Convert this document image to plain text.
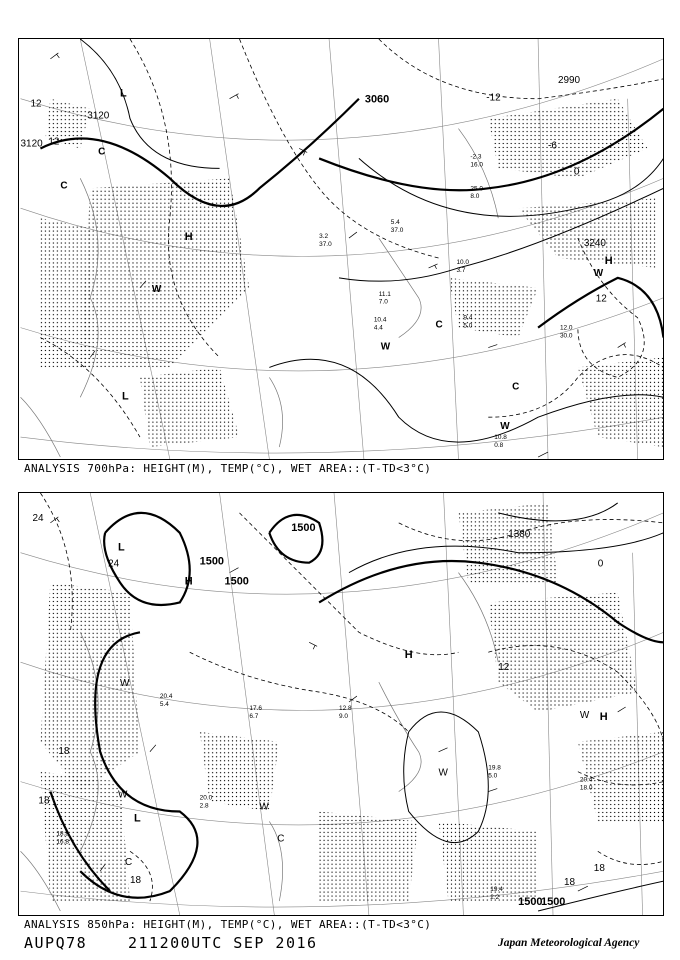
3120
3120
3060
2990
3240
12
12
-12
0
12
-6
L
L
H
H
W
W
W
W
C
C
C
C
9.4
5.0
10.4
4.4	12.0
30.0
10.8
0.8
11.1
7.0
10.0
3.7
5.4
37.0
-2.3
16.0
25.0
8.0
3.2
37.0
ANALYSIS 700hPa: HEIGHT(M), TEMP(°C), WET AREA::(T-TD<3°C)
1500
1500
1500
1500
1380
1500
24
24
18
18
12
0
18	18
18
L
L
H
H
H
W
W
W
W
C
C
W
19.8
5.0
20.4
18.0
19.4
2.2
20.0
2.8
17.6
6.7
18.8
16.8
12.8
9.0
20.4
5.4
ANALYSIS 850hPa: HEIGHT(M), TEMP(°C), WET AREA::(T-TD<3°C)
AUPQ78	211200UTC SEP 2016	Japan Meteorological Agency
